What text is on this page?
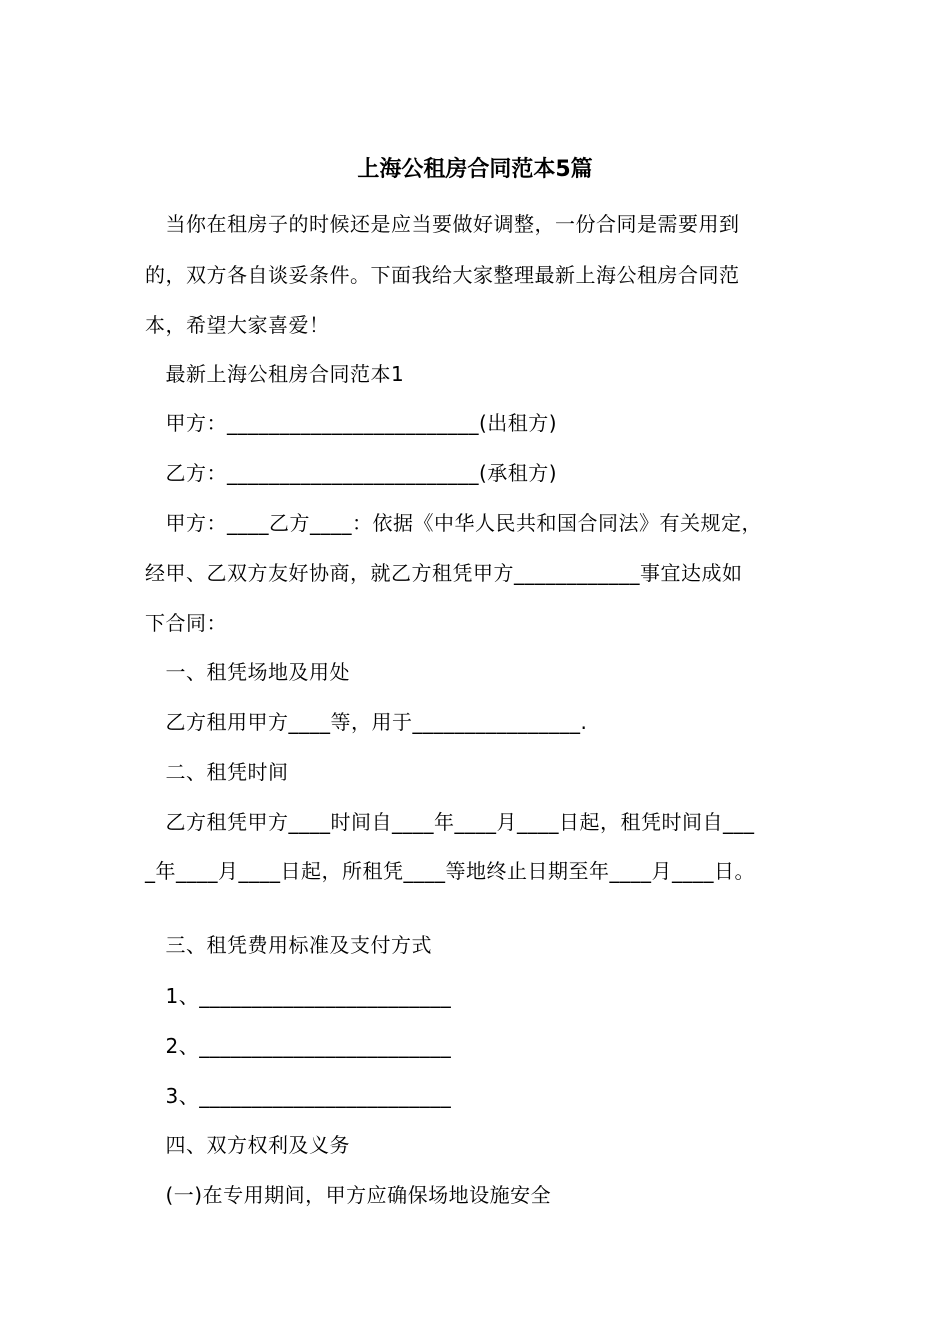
上海公租房合同范本5篇
　当你在租房子的时候还是应当要做好调整，一份合同是需要用到
的，双方各自谈妥条件。下面我给大家整理最新上海公租房合同范
本，希望大家喜爱！
　最新上海公租房合同范本1
　甲方：________________________(出租方)
　乙方：________________________(承租方)
　甲方：____乙方____：依据《中华人民共和国合同法》有关规定，
经甲、乙双方友好协商，就乙方租凭甲方____________事宜达成如
下合同：
　一、租凭场地及用处
　乙方租用甲方____等，用于________________.
　二、租凭时间
　乙方租凭甲方____时间自____年____月____日起，租凭时间自___
_年____月____日起，所租凭____等地终止日期至年____月____日。
　三、租凭费用标准及支付方式
　1、________________________
　2、________________________
　3、________________________
　四、双方权利及义务
　(一)在专用期间，甲方应确保场地设施安全
